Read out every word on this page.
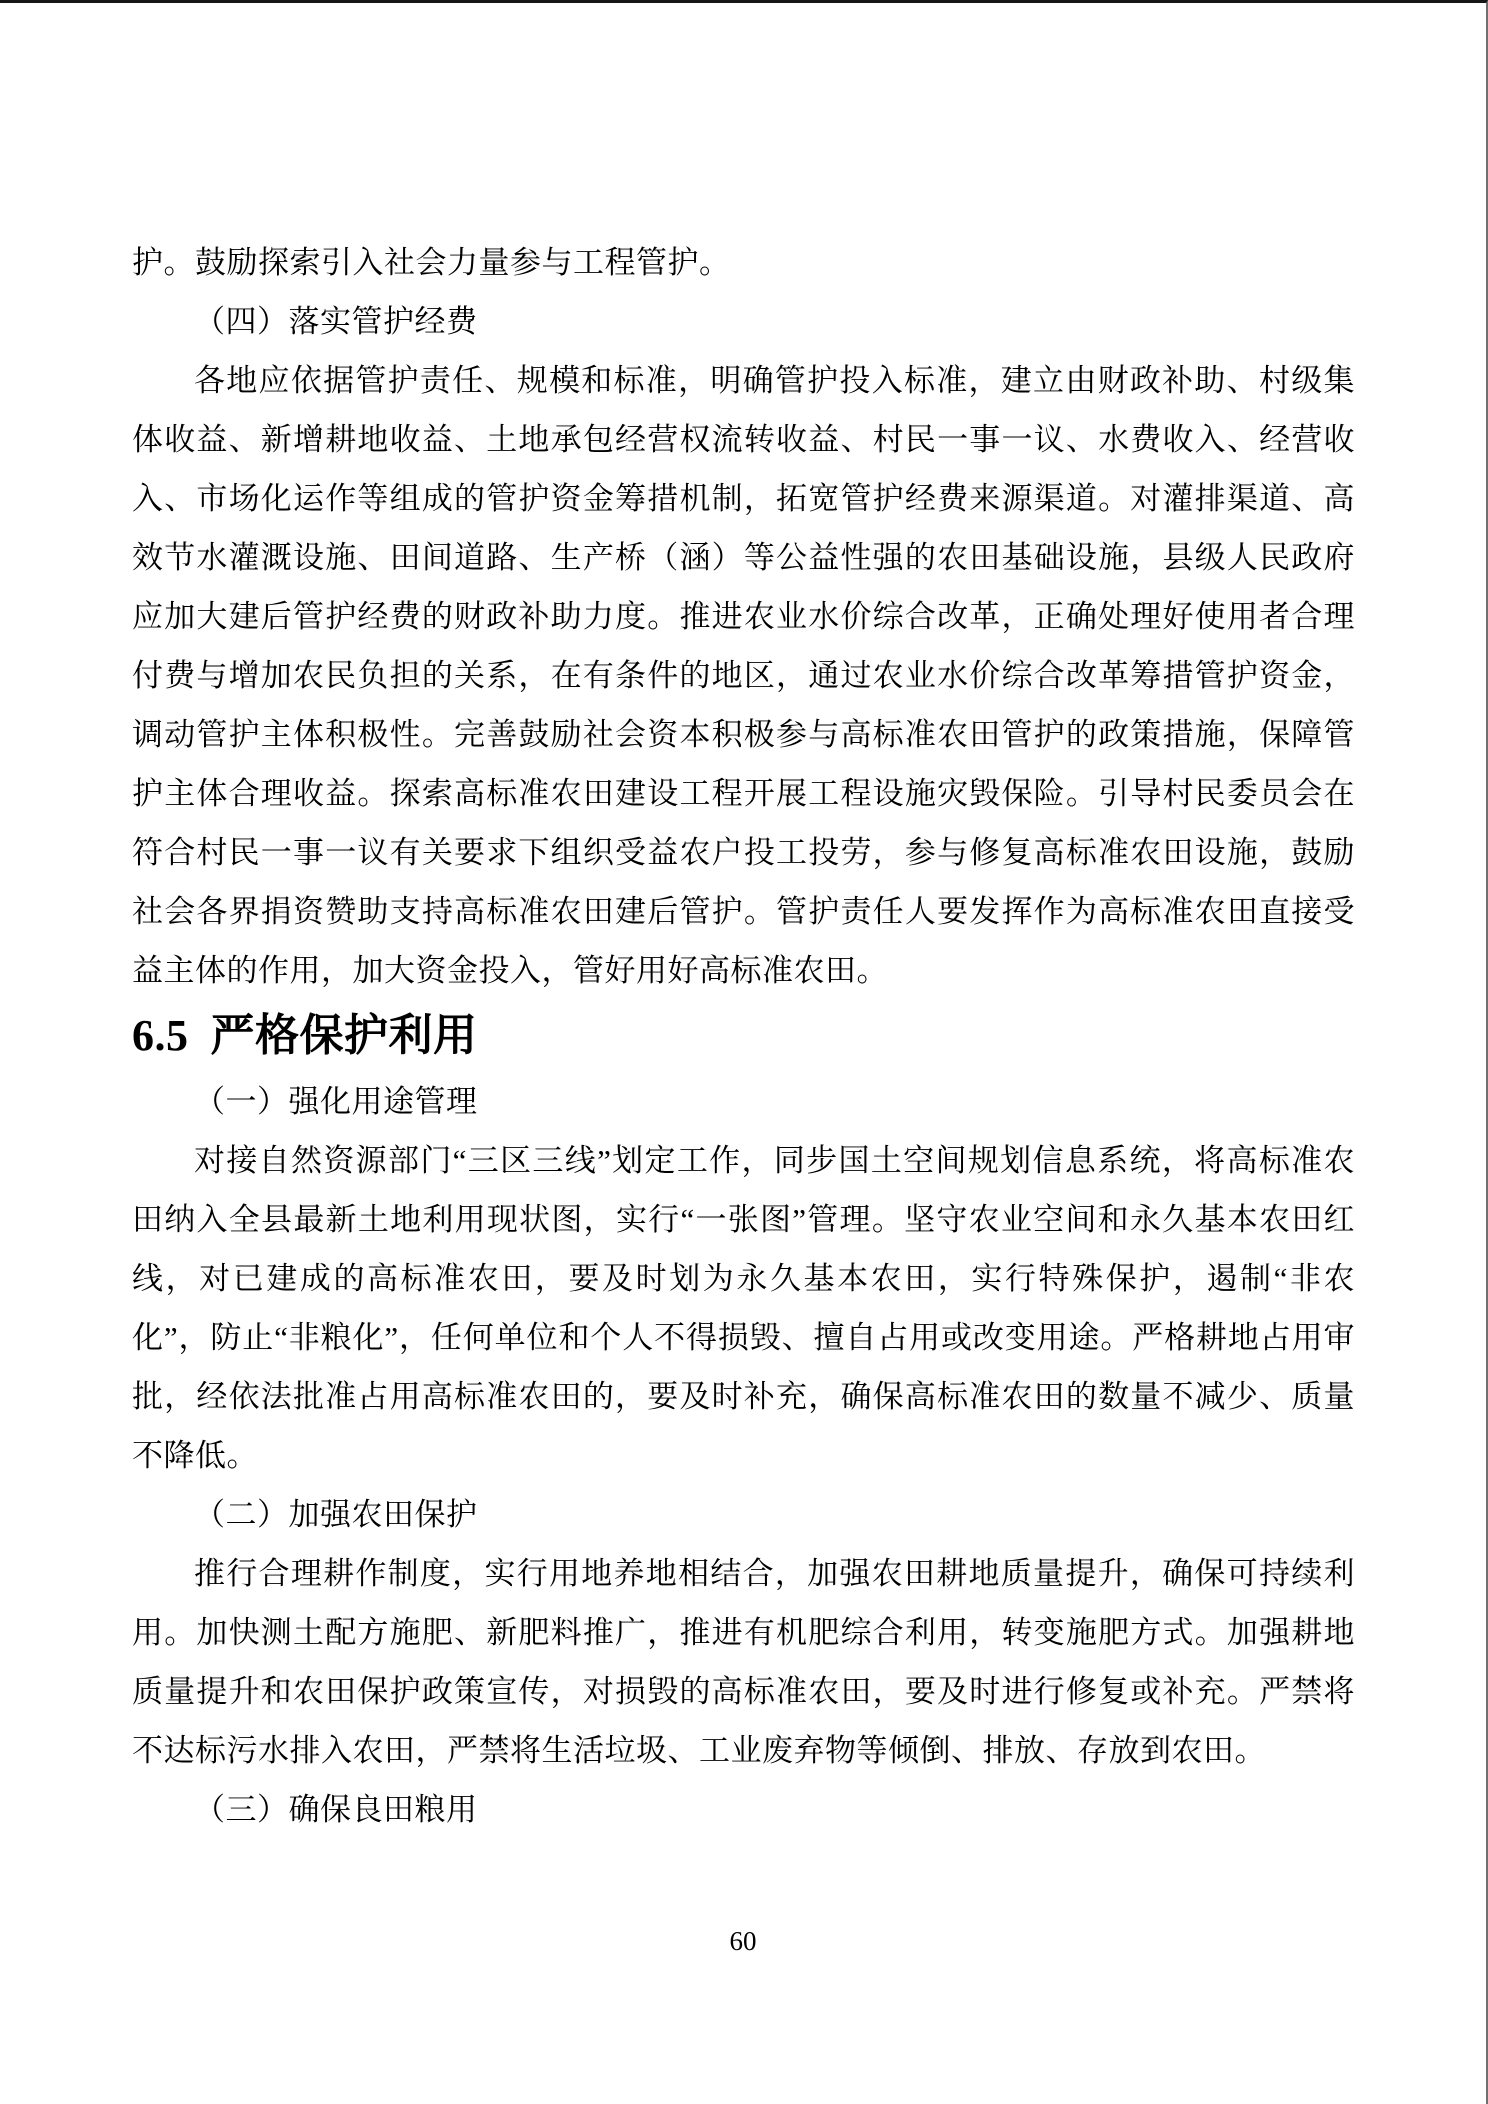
护。鼓励探索引入社会力量参与工程管护。

（四）落实管护经费

各地应依据管护责任、规模和标准，明确管护投入标准，建立由财政补助、村级集体收益、新增耕地收益、土地承包经营权流转收益、村民一事一议、水费收入、经营收入、市场化运作等组成的管护资金筹措机制，拓宽管护经费来源渠道。对灌排渠道、高效节水灌溉设施、田间道路、生产桥（涵）等公益性强的农田基础设施，县级人民政府应加大建后管护经费的财政补助力度。推进农业水价综合改革，正确处理好使用者合理付费与增加农民负担的关系，在有条件的地区，通过农业水价综合改革筹措管护资金，调动管护主体积极性。完善鼓励社会资本积极参与高标准农田管护的政策措施，保障管护主体合理收益。探索高标准农田建设工程开展工程设施灾毁保险。引导村民委员会在符合村民一事一议有关要求下组织受益农户投工投劳，参与修复高标准农田设施，鼓励社会各界捐资赞助支持高标准农田建后管护。管护责任人要发挥作为高标准农田直接受益主体的作用，加大资金投入，管好用好高标准农田。

6.5 严格保护利用

（一）强化用途管理

对接自然资源部门“三区三线”划定工作，同步国土空间规划信息系统，将高标准农田纳入全县最新土地利用现状图，实行“一张图”管理。坚守农业空间和永久基本农田红线，对已建成的高标准农田，要及时划为永久基本农田，实行特殊保护，遏制“非农化”，防止“非粮化”，任何单位和个人不得损毁、擅自占用或改变用途。严格耕地占用审批，经依法批准占用高标准农田的，要及时补充，确保高标准农田的数量不减少、质量不降低。

（二）加强农田保护

推行合理耕作制度，实行用地养地相结合，加强农田耕地质量提升，确保可持续利用。加快测土配方施肥、新肥料推广，推进有机肥综合利用，转变施肥方式。加强耕地质量提升和农田保护政策宣传，对损毁的高标准农田，要及时进行修复或补充。严禁将不达标污水排入农田，严禁将生活垃圾、工业废弃物等倾倒、排放、存放到农田。

（三）确保良田粮用

60
